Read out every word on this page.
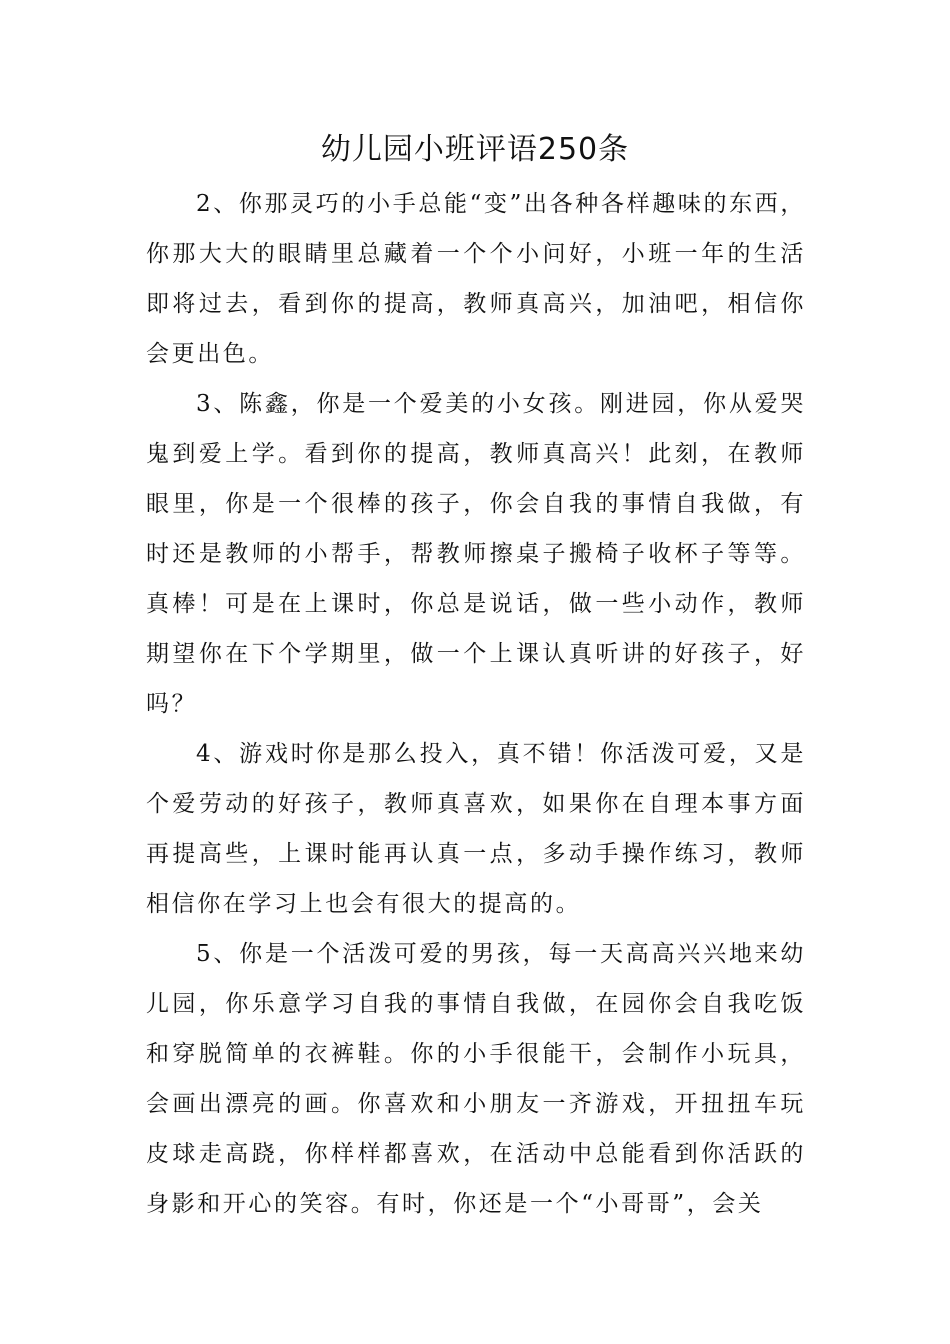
幼儿园小班评语250条

2、你那灵巧的小手总能“变”出各种各样趣味的东西，你那大大的眼睛里总藏着一个个小问好，小班一年的生活即将过去，看到你的提高，教师真高兴，加油吧，相信你会更出色。

3、陈鑫，你是一个爱美的小女孩。刚进园，你从爱哭鬼到爱上学。看到你的提高，教师真高兴！此刻，在教师眼里，你是一个很棒的孩子，你会自我的事情自我做，有时还是教师的小帮手，帮教师擦桌子搬椅子收杯子等等。真棒！可是在上课时，你总是说话，做一些小动作，教师期望你在下个学期里，做一个上课认真听讲的好孩子，好吗？

4、游戏时你是那么投入，真不错！你活泼可爱，又是个爱劳动的好孩子，教师真喜欢，如果你在自理本事方面再提高些，上课时能再认真一点，多动手操作练习，教师相信你在学习上也会有很大的提高的。

5、你是一个活泼可爱的男孩，每一天高高兴兴地来幼儿园，你乐意学习自我的事情自我做，在园你会自我吃饭和穿脱简单的衣裤鞋。你的小手很能干，会制作小玩具，会画出漂亮的画。你喜欢和小朋友一齐游戏，开扭扭车玩皮球走高跷，你样样都喜欢，在活动中总能看到你活跃的身影和开心的笑容。有时，你还是一个“小哥哥”，会关
